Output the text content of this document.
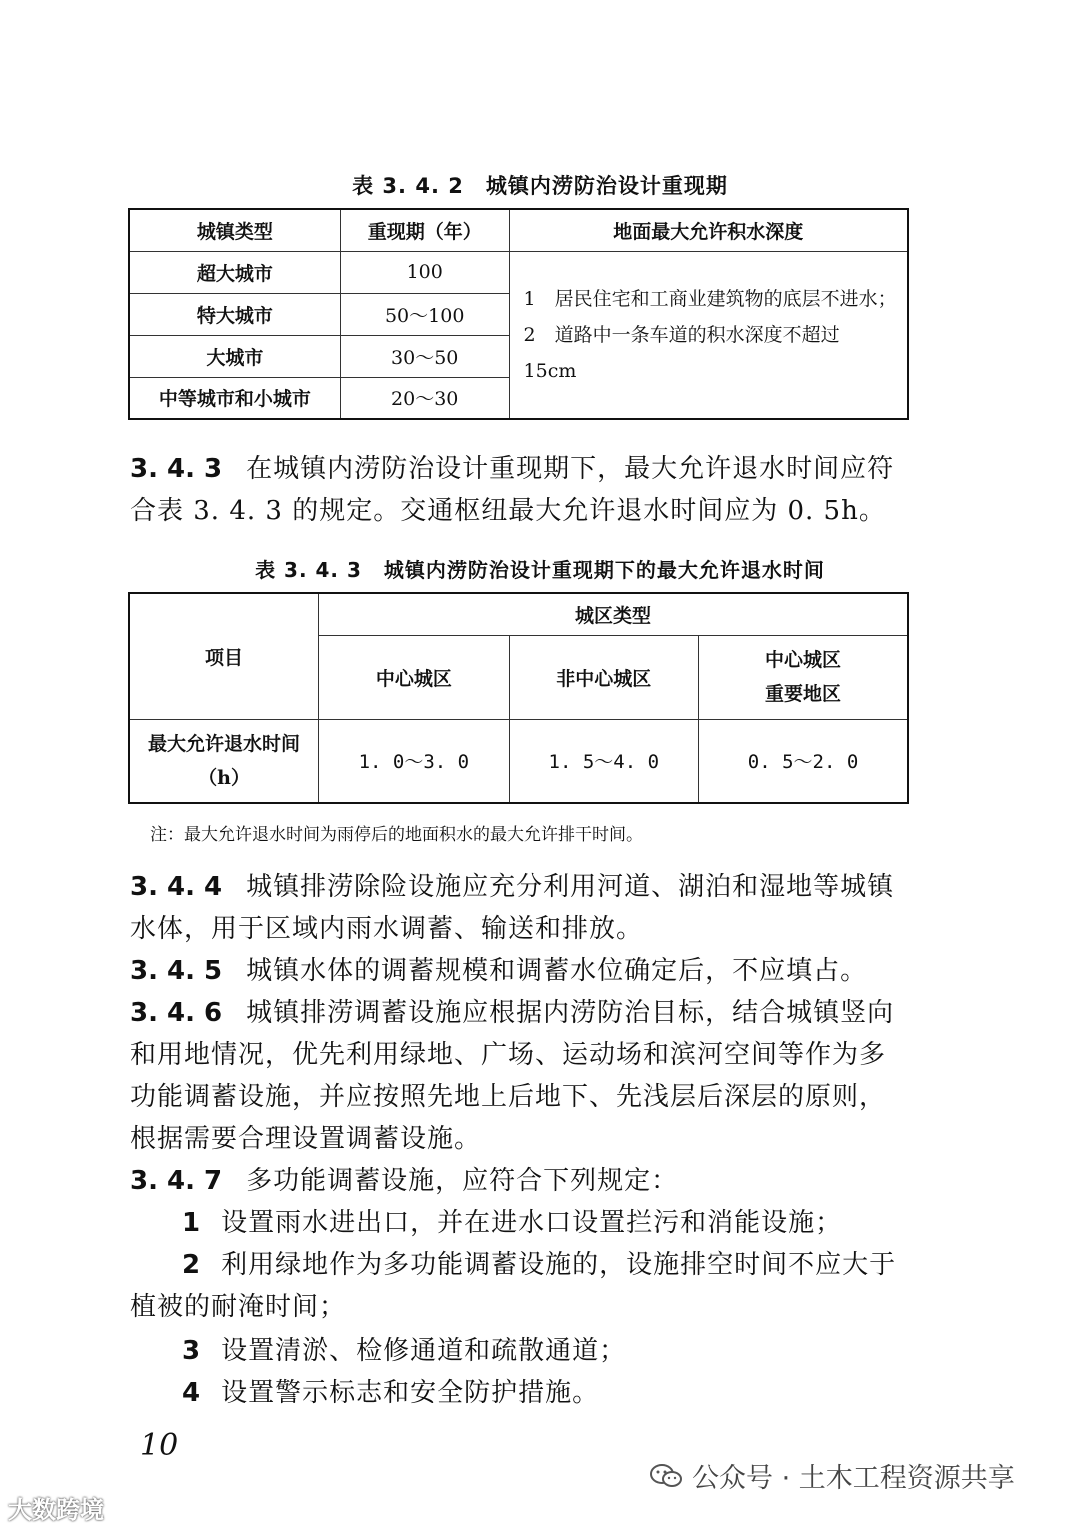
表 3. 4. 2 城镇内涝防治设计重现期
城镇类型	重现期（年）	地面最大允许积水深度
超大城市	100	1　居民住宅和工商业建筑物的底层不进水；
2　道路中一条车道的积水深度不超过 15cm

特大城市	50～100	
大城市	30～50	
中等城市和小城市	20～30	
3. 4. 3 在城镇内涝防治设计重现期下，最大允许退水时间应符合表 3. 4. 3 的规定。交通枢纽最大允许退水时间应为 0. 5h。
表 3. 4. 3 城镇内涝防治设计重现期下的最大允许退水时间
项目	城区类型		
	中心城区	非中心城区	中心城区
重要地区

最大允许退水时间
（h）	1. 0～3. 0	1. 5～4. 0	0. 5～2. 0
注：最大允许退水时间为雨停后的地面积水的最大允许排干时间。
3. 4. 4 城镇排涝除险设施应充分利用河道、湖泊和湿地等城镇水体，用于区域内雨水调蓄、输送和排放。
3. 4. 5 城镇水体的调蓄规模和调蓄水位确定后，不应填占。
3. 4. 6 城镇排涝调蓄设施应根据内涝防治目标，结合城镇竖向和用地情况，优先利用绿地、广场、运动场和滨河空间等作为多功能调蓄设施，并应按照先地上后地下、先浅层后深层的原则，根据需要合理设置调蓄设施。
3. 4. 7 多功能调蓄设施，应符合下列规定：
1 设置雨水进出口，并在进水口设置拦污和消能设施；
2 利用绿地作为多功能调蓄设施的，设施排空时间不应大于植被的耐淹时间；
3 设置清淤、检修通道和疏散通道；
4 设置警示标志和安全防护措施。
10
公众号 · 土木工程资源共享
大数跨境
